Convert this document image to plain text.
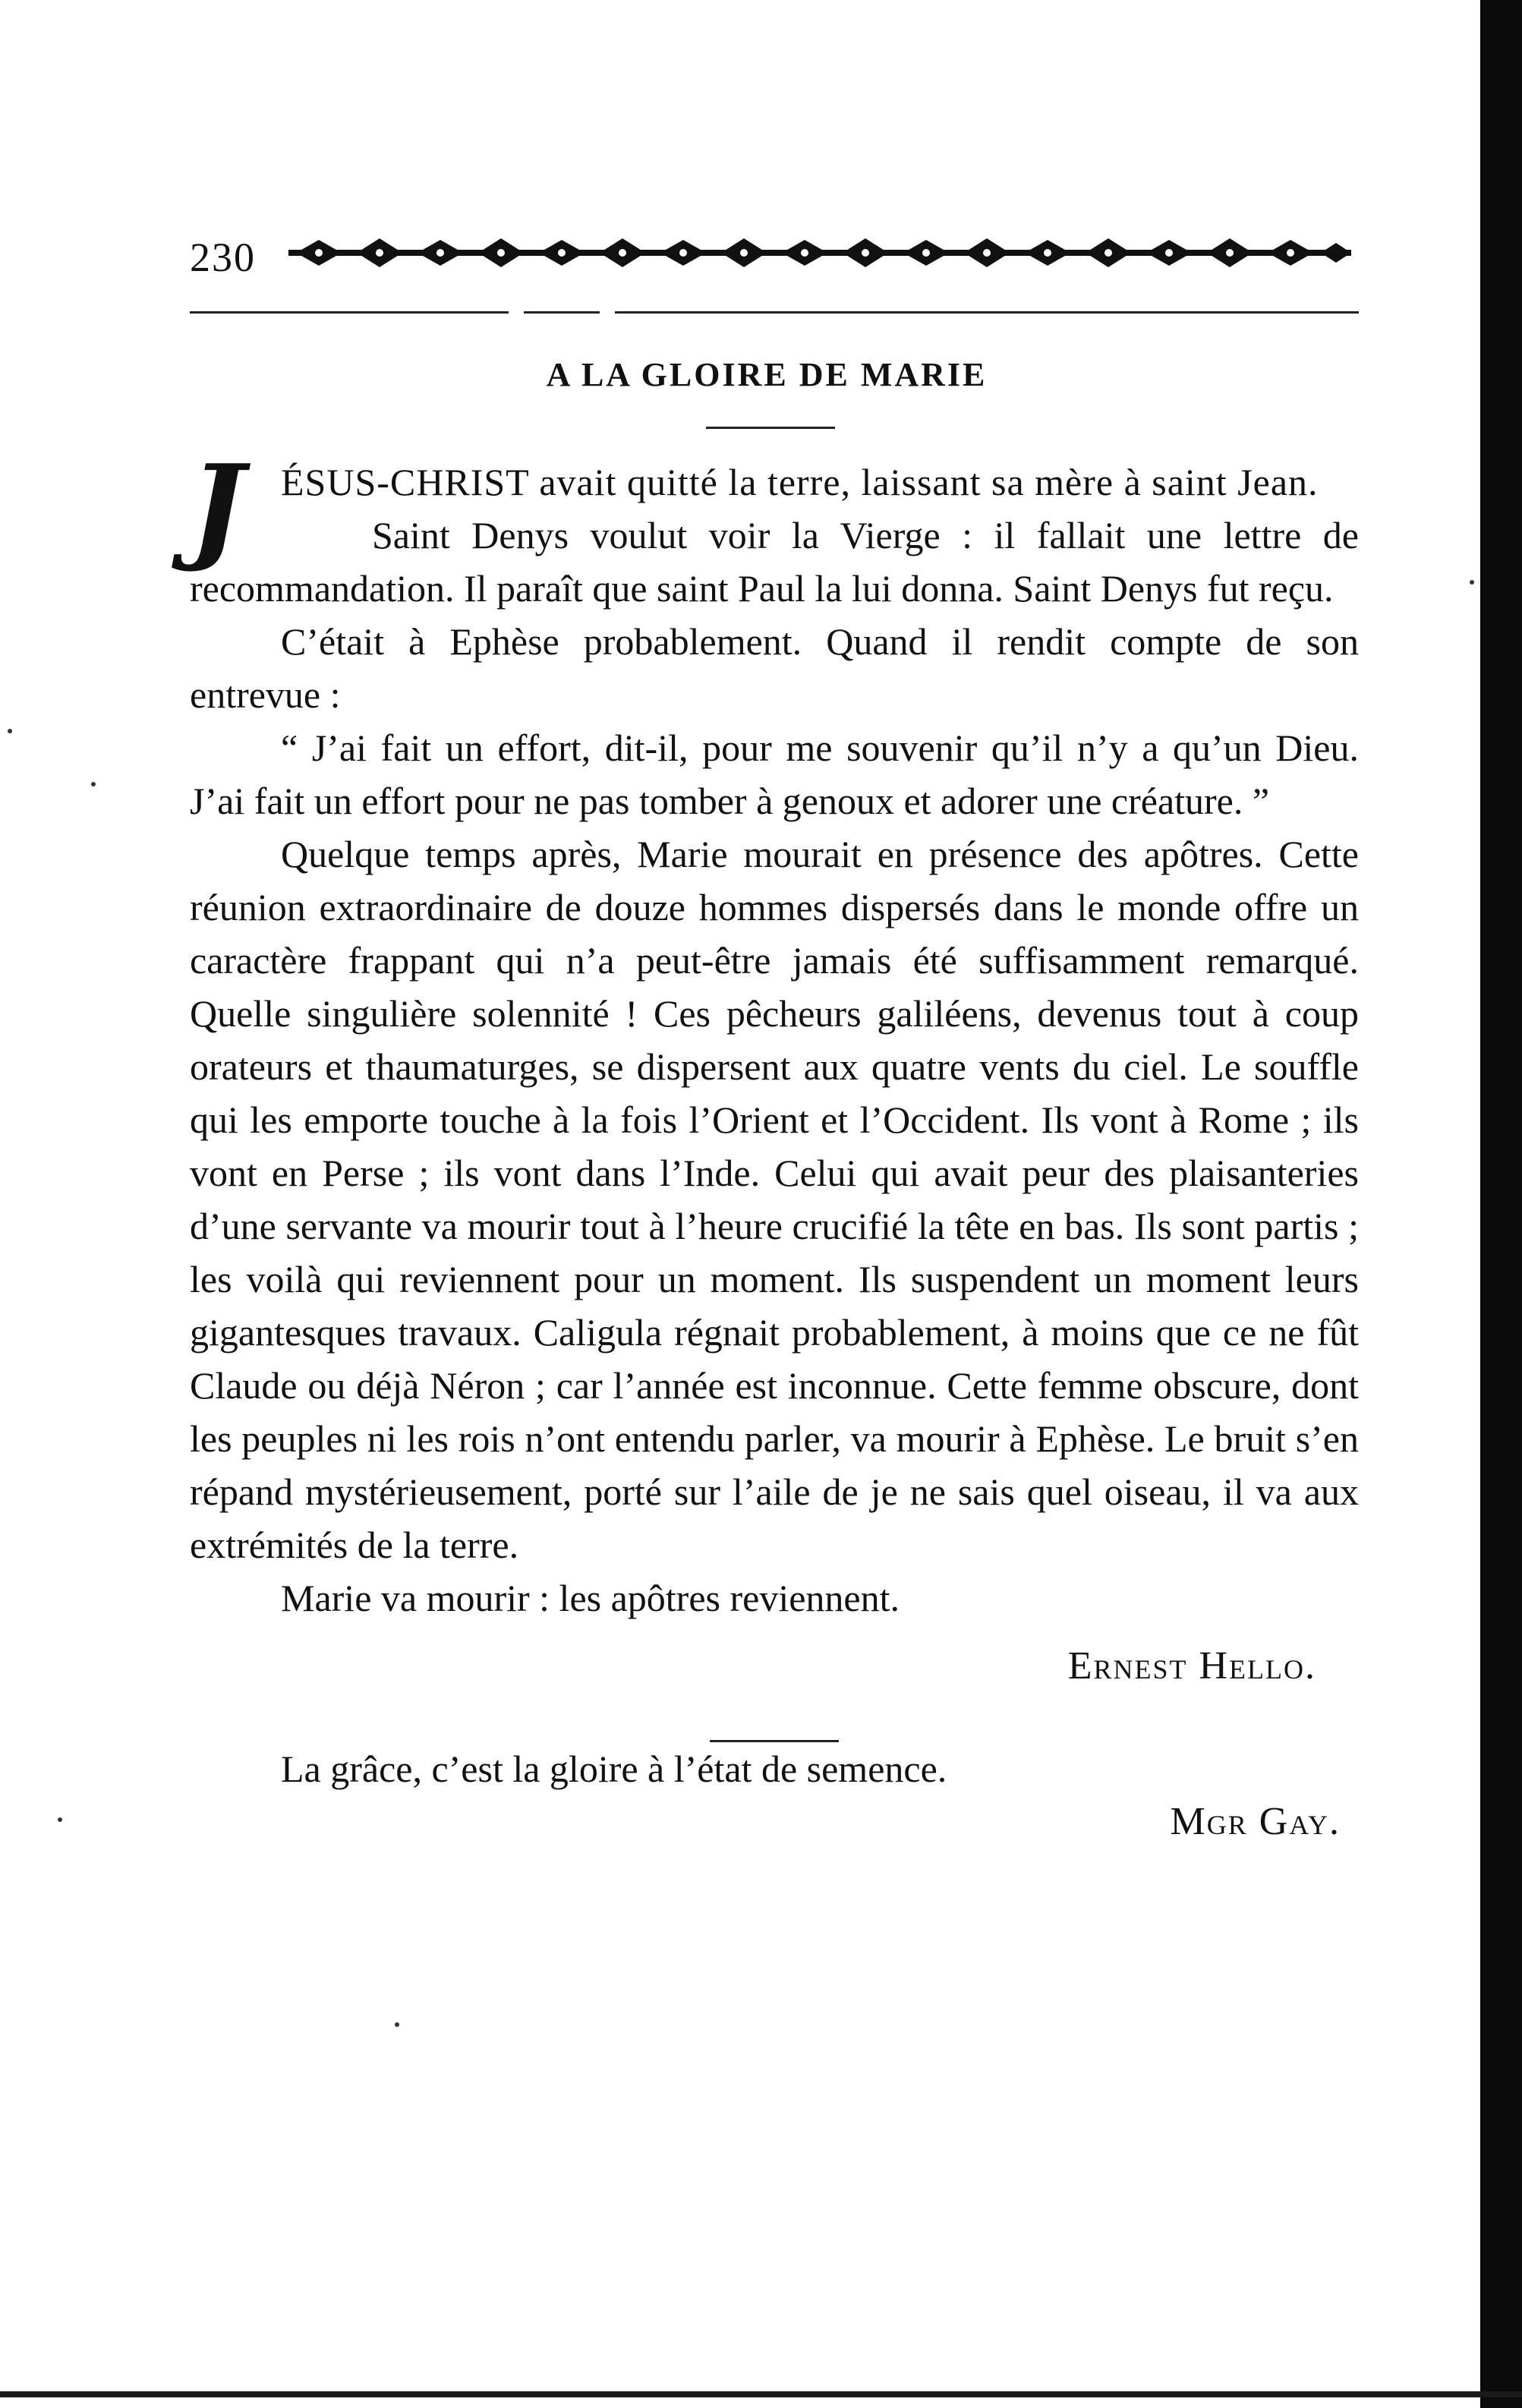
230
A LA GLOIRE DE MARIE

JÉSUS-CHRIST avait quitté la terre, laissant sa mère à saint Jean.

Saint Denys voulut voir la Vierge : il fallait une lettre de recommandation. Il paraît que saint Paul la lui donna. Saint Denys fut reçu.

C’était à Ephèse probablement. Quand il rendit compte de son entrevue :

“ J’ai fait un effort, dit-il, pour me souvenir qu’il n’y a qu’un Dieu. J’ai fait un effort pour ne pas tomber à genoux et adorer une créature. ”

Quelque temps après, Marie mourait en présence des apôtres. Cette réunion extraordinaire de douze hommes dispersés dans le monde offre un caractère frappant qui n’a peut-être jamais été suffisamment remarqué. Quelle singulière solennité ! Ces pêcheurs galiléens, devenus tout à coup orateurs et thaumaturges, se dispersent aux quatre vents du ciel. Le souffle qui les emporte touche à la fois l’Orient et l’Occident. Ils vont à Rome ; ils vont en Perse ; ils vont dans l’Inde. Celui qui avait peur des plaisanteries d’une servante va mourir tout à l’heure crucifié la tête en bas. Ils sont partis ; les voilà qui reviennent pour un moment. Ils suspendent un moment leurs gigantesques travaux. Caligula régnait probablement, à moins que ce ne fût Claude ou déjà Néron ; car l’année est inconnue. Cette femme obscure, dont les peuples ni les rois n’ont entendu parler, va mourir à Ephèse. Le bruit s’en répand mystérieusement, porté sur l’aile de je ne sais quel oiseau, il va aux extrémités de la terre.

Marie va mourir : les apôtres reviennent.

Ernest Hello.

La grâce, c’est la gloire à l’état de semence.

Mgr Gay.
